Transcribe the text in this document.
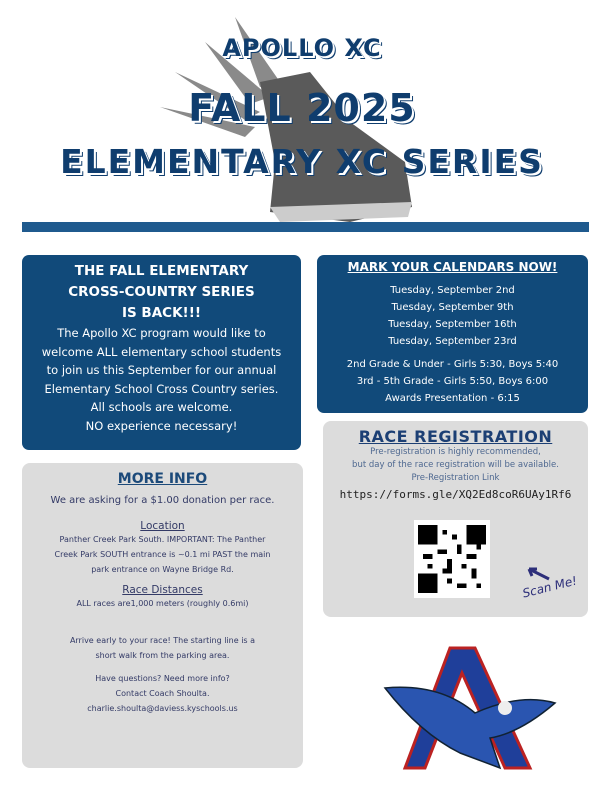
APOLLO XC
FALL 2025
ELEMENTARY XC SERIES
THE FALL ELEMENTARY
CROSS-COUNTRY SERIES
IS BACK!!!

The Apollo XC program would like to

welcome ALL elementary school students

to join us this September for our annual

Elementary School Cross Country series.

All schools are welcome.

NO experience necessary!

MARK YOUR CALENDARS NOW!
Tuesday, September 2nd
Tuesday, September 9th
Tuesday, September 16th
Tuesday, September 23rd
2nd Grade & Under - Girls 5:30, Boys 5:40
3rd - 5th Grade - Girls 5:50, Boys 6:00
Awards Presentation - 6:15
RACE REGISTRATION
Pre-registration is highly recommended,
but day of the race registration will be available.
Pre-Registration Link
https://forms.gle/XQ2Ed8coR6UAy1Rf6
Scan Me!
MORE INFO
We are asking for a $1.00 donation per race.
Location
Panther Creek Park South. IMPORTANT: The Panther
Creek Park SOUTH entrance is ~0.1 mi PAST the main
park entrance on Wayne Bridge Rd.
Race Distances
ALL races are1,000 meters (roughly 0.6mi)
Arrive early to your race! The starting line is a
short walk from the parking area.
Have questions? Need more info?
Contact Coach Shoulta.
charlie.shoulta@daviess.kyschools.us
